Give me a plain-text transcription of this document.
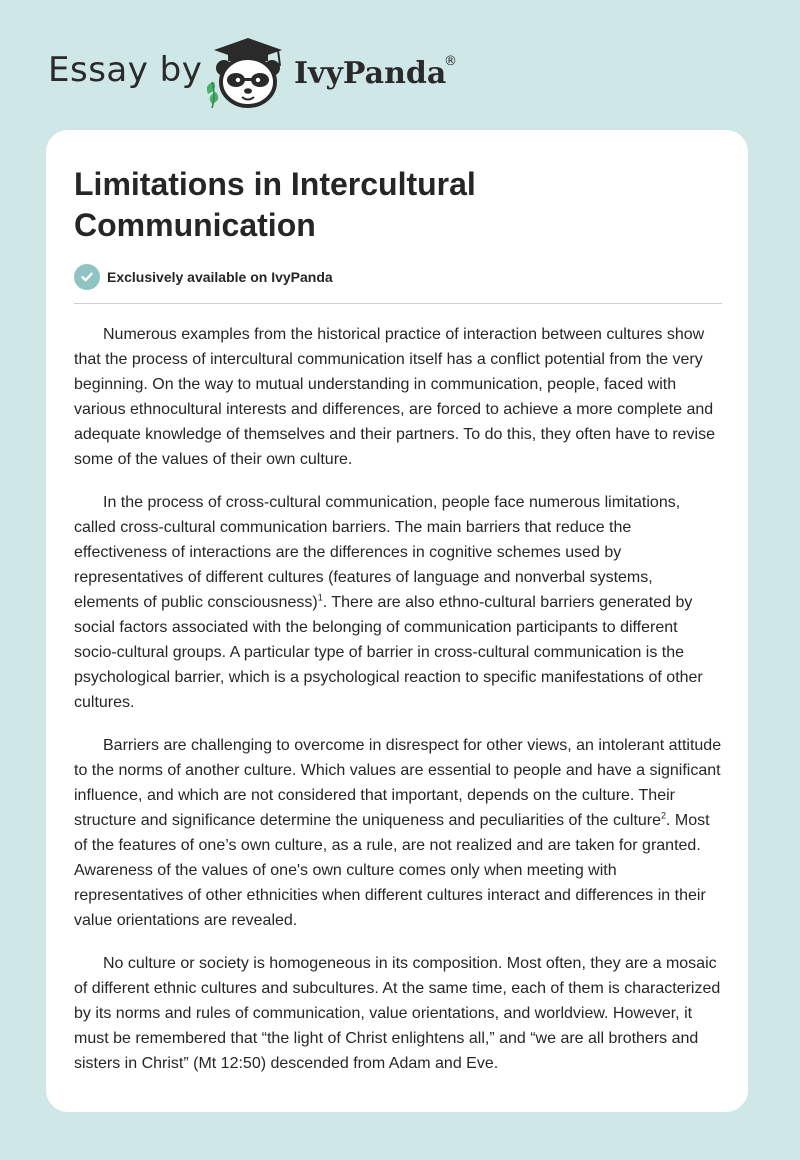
Essay by	IvyPanda
®
Limitations in Intercultural Communication
Exclusively available on IvyPanda

Numerous examples from the historical practice of interaction between cultures show that the process of intercultural communication itself has a conflict potential from the very beginning. On the way to mutual understanding in communication, people, faced with various ethnocultural interests and differences, are forced to achieve a more complete and adequate knowledge of themselves and their partners. To do this, they often have to revise some of the values of their own culture.

In the process of cross-cultural communication, people face numerous limitations, called cross-cultural communication barriers. The main barriers that reduce the effectiveness of interactions are the differences in cognitive schemes used by representatives of different cultures (features of language and nonverbal systems, elements of public consciousness)$^1$. There are also ethno-cultural barriers generated by social factors associated with the belonging of communication participants to different socio-cultural groups. A particular type of barrier in cross-cultural communication is the psychological barrier, which is a psychological reaction to specific manifestations of other cultures.

Barriers are challenging to overcome in disrespect for other views, an intolerant attitude to the norms of another culture. Which values are essential to people and have a significant influence, and which are not considered that important, depends on the culture. Their structure and significance determine the uniqueness and peculiarities of the culture$^2$. Most of the features of one’s own culture, as a rule, are not realized and are taken for granted. Awareness of the values of one's own culture comes only when meeting with representatives of other ethnicities when different cultures interact and differences in their value orientations are revealed.

No culture or society is homogeneous in its composition. Most often, they are a mosaic of different ethnic cultures and subcultures. At the same time, each of them is characterized by its norms and rules of communication, value orientations, and worldview. However, it must be remembered that “the light of Christ enlightens all,” and “we are all brothers and sisters in Christ” (Mt 12:50) descended from Adam and Eve.
